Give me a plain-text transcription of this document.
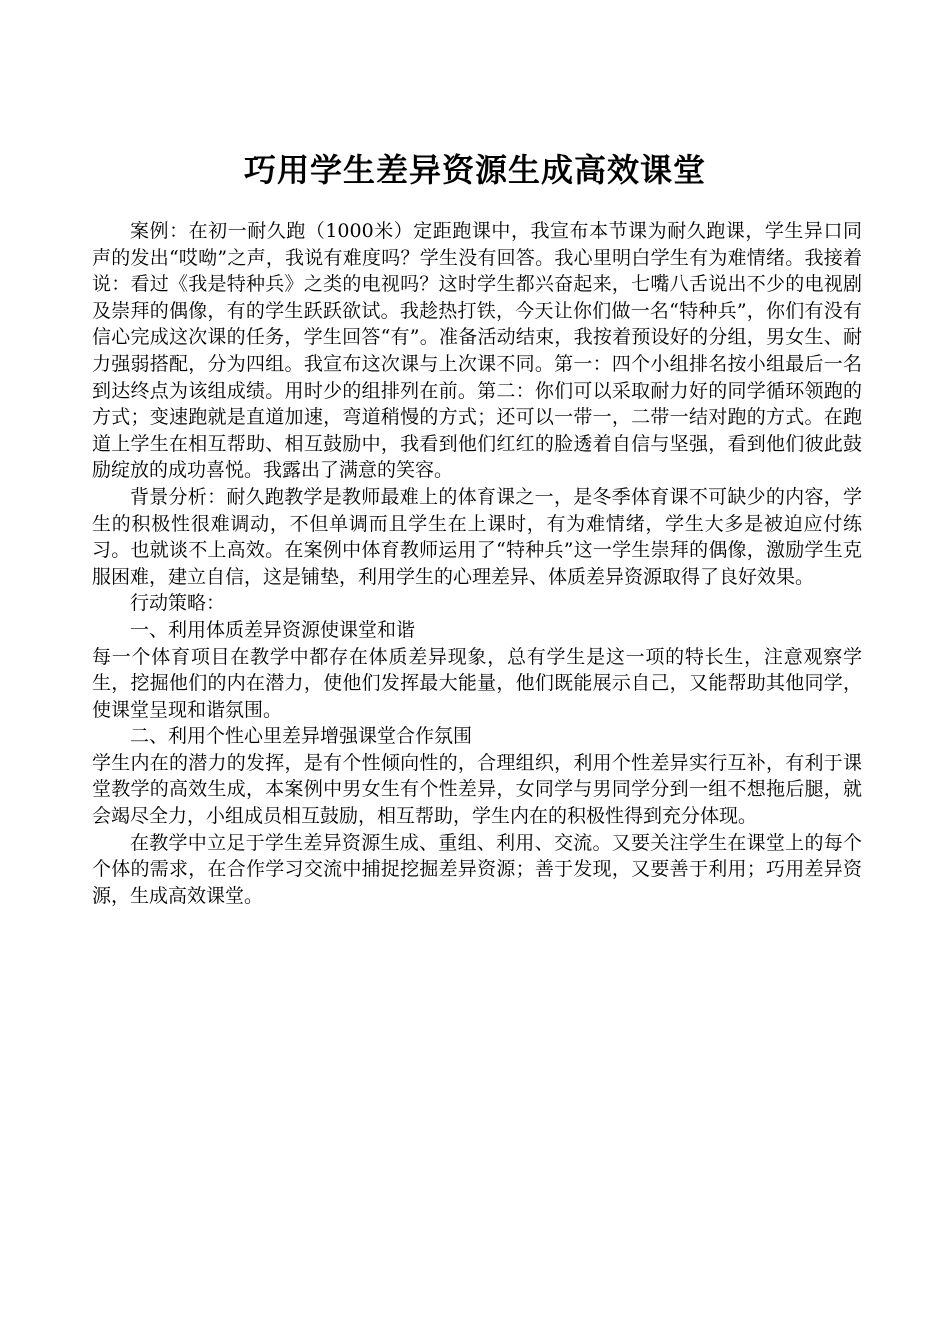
巧用学生差异资源生成高效课堂

案例：在初一耐久跑（1000米）定距跑课中，我宣布本节课为耐久跑课，学生异口同声的发出“哎呦”之声，我说有难度吗？学生没有回答。我心里明白学生有为难情绪。我接着说：看过《我是特种兵》之类的电视吗？这时学生都兴奋起来，七嘴八舌说出不少的电视剧及崇拜的偶像，有的学生跃跃欲试。我趁热打铁，今天让你们做一名“特种兵”，你们有没有信心完成这次课的任务，学生回答“有”。准备活动结束，我按着预设好的分组，男女生、耐力强弱搭配，分为四组。我宣布这次课与上次课不同。第一：四个小组排名按小组最后一名到达终点为该组成绩。用时少的组排列在前。第二：你们可以采取耐力好的同学循环领跑的方式；变速跑就是直道加速，弯道稍慢的方式；还可以一带一，二带一结对跑的方式。在跑道上学生在相互帮助、相互鼓励中，我看到他们红红的脸透着自信与坚强，看到他们彼此鼓励绽放的成功喜悦。我露出了满意的笑容。

背景分析：耐久跑教学是教师最难上的体育课之一，是冬季体育课不可缺少的内容，学生的积极性很难调动，不但单调而且学生在上课时，有为难情绪，学生大多是被迫应付练习。也就谈不上高效。在案例中体育教师运用了“特种兵”这一学生崇拜的偶像，激励学生克服困难，建立自信，这是铺垫，利用学生的心理差异、体质差异资源取得了良好效果。

行动策略：

一、利用体质差异资源使课堂和谐

每一个体育项目在教学中都存在体质差异现象，总有学生是这一项的特长生，注意观察学生，挖掘他们的内在潜力，使他们发挥最大能量，他们既能展示自己，又能帮助其他同学，使课堂呈现和谐氛围。

二、利用个性心里差异增强课堂合作氛围

学生内在的潜力的发挥，是有个性倾向性的，合理组织，利用个性差异实行互补，有利于课堂教学的高效生成，本案例中男女生有个性差异，女同学与男同学分到一组不想拖后腿，就会竭尽全力，小组成员相互鼓励，相互帮助，学生内在的积极性得到充分体现。

在教学中立足于学生差异资源生成、重组、利用、交流。又要关注学生在课堂上的每个个体的需求，在合作学习交流中捕捉挖掘差异资源；善于发现，又要善于利用；巧用差异资源，生成高效课堂。
